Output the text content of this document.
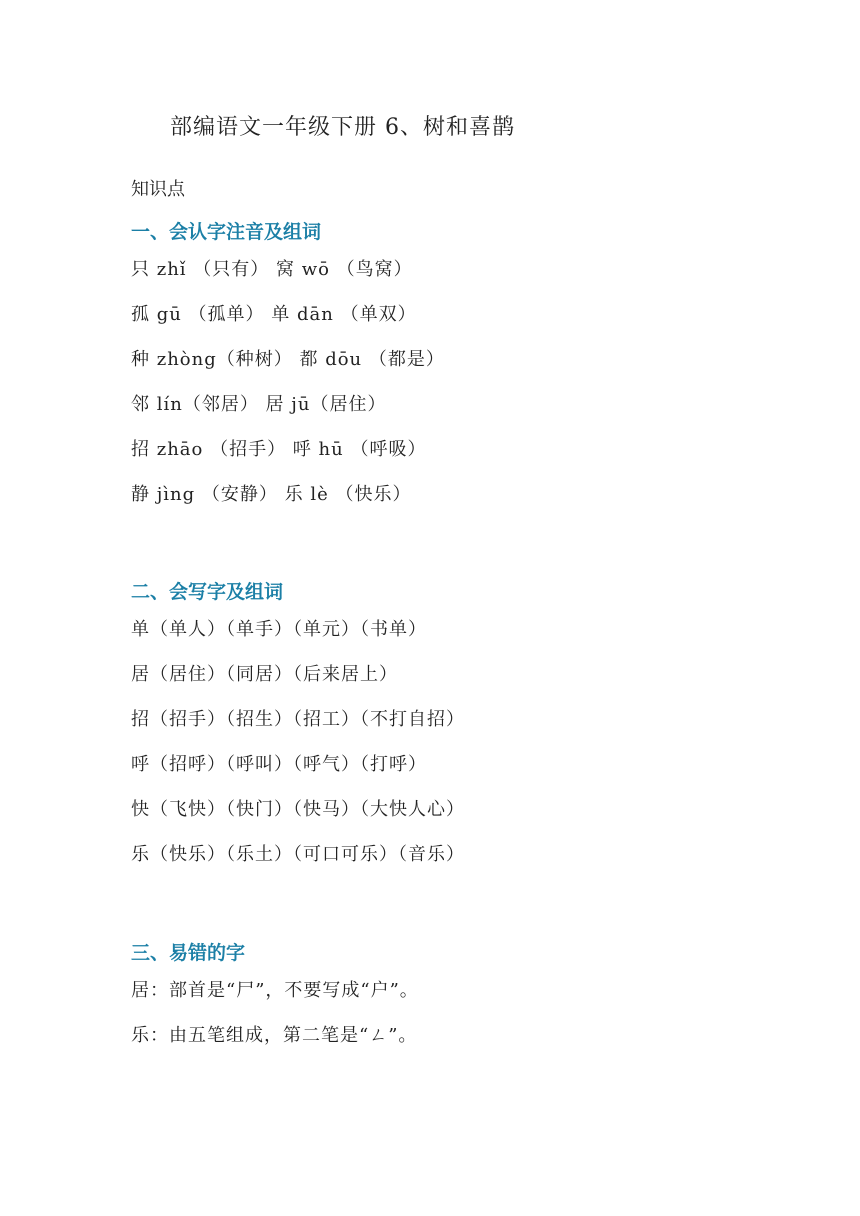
部编语文一年级下册 6、树和喜鹊
知识点
一、会认字注音及组词
只 zhǐ （只有） 窝 wō （鸟窝）
孤 gū （孤单） 单 dān （单双）
种 zhòng（种树） 都 dōu （都是）
邻 lín（邻居） 居 jū（居住）
招 zhāo （招手） 呼 hū （呼吸）
静 jìng （安静） 乐 lè （快乐）
二、会写字及组词
单（单人）（单手）（单元）（书单）
居（居住）（同居）（后来居上）
招（招手）（招生）（招工）（不打自招）
呼（招呼）（呼叫）（呼气）（打呼）
快（飞快）（快门）（快马）（大快人心）
乐（快乐）（乐土）（可口可乐）（音乐）
三、易错的字
居：部首是“尸”，不要写成“户”。
乐：由五笔组成，第二笔是“ㄥ”。
